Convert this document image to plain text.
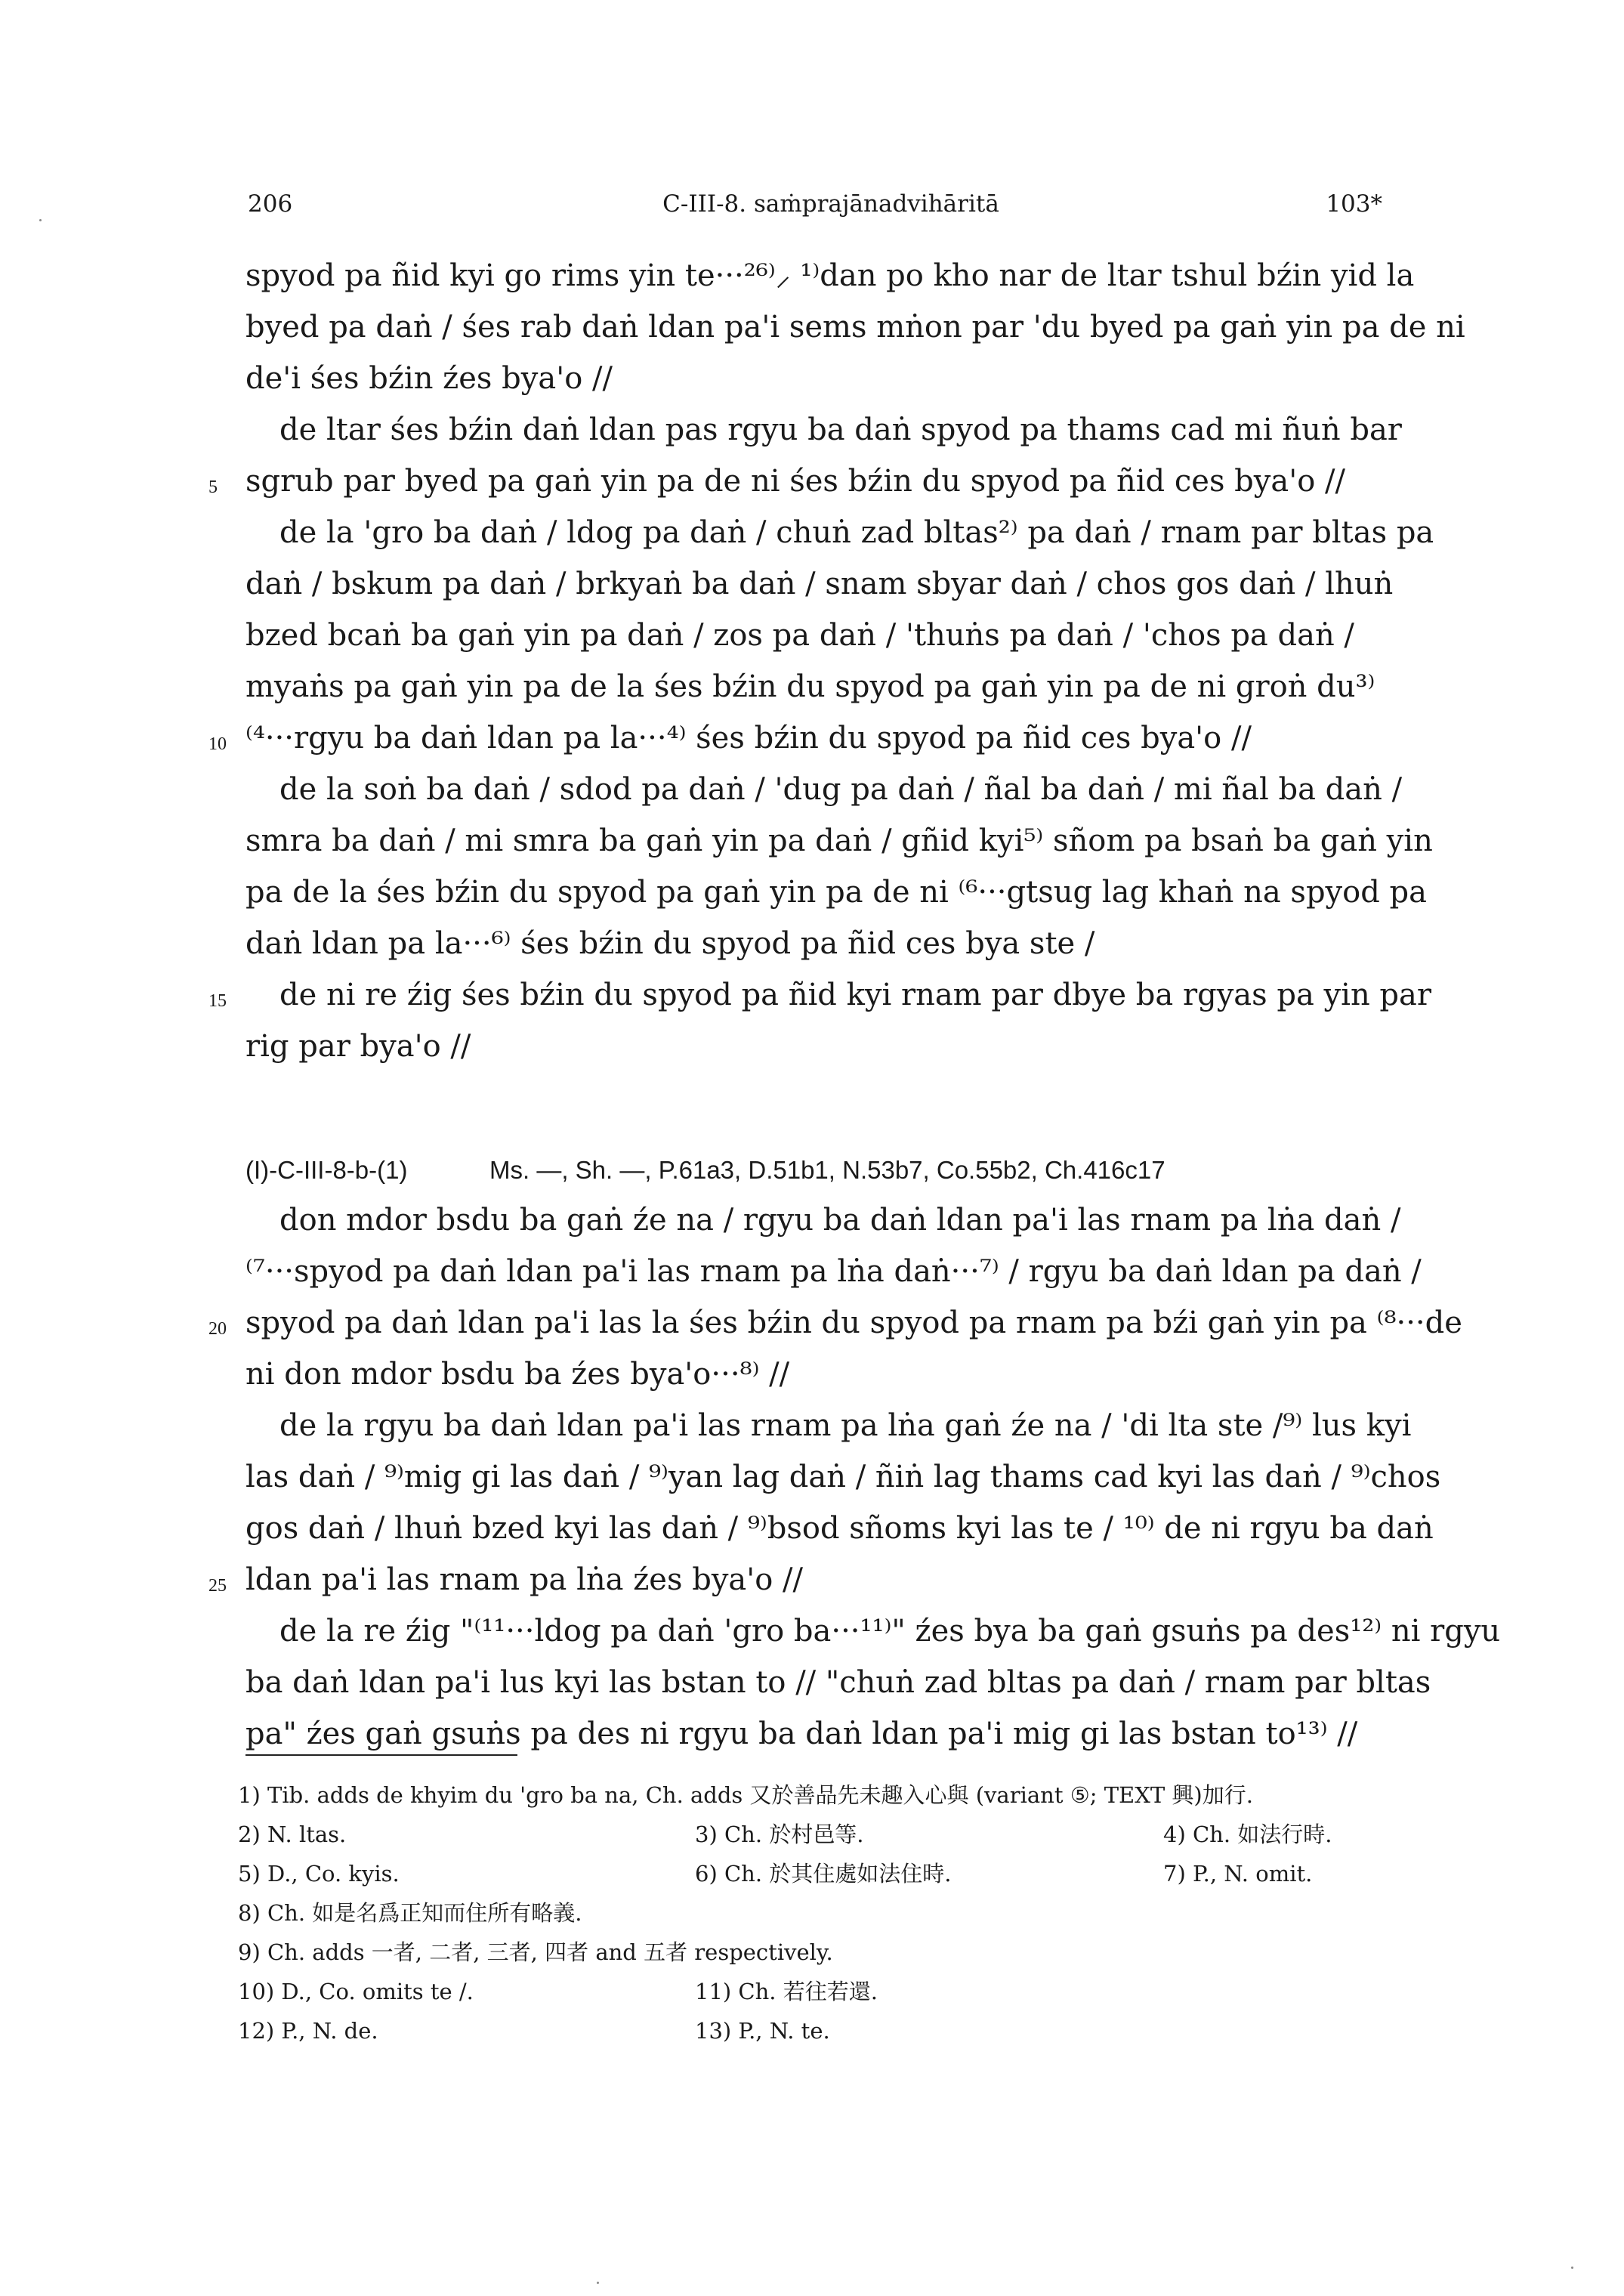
206	C-III-8. saṁprajānadvihāritā	103*
spyod pa ñid kyi go rims yin te···²⁶⁾⸝ ¹⁾dan po kho nar de ltar tshul bźin yid la
byed pa daṅ / śes rab daṅ ldan pa'i sems mṅon par 'du byed pa gaṅ yin pa de ni
de'i śes bźin źes bya'o //
de ltar śes bźin daṅ ldan pas rgyu ba daṅ spyod pa thams cad mi ñuṅ bar
sgrub par byed pa gaṅ yin pa de ni śes bźin du spyod pa ñid ces bya'o //
de la 'gro ba daṅ / ldog pa daṅ / chuṅ zad bltas²⁾ pa daṅ / rnam par bltas pa
daṅ / bskum pa daṅ / brkyaṅ ba daṅ / snam sbyar daṅ / chos gos daṅ / lhuṅ
bzed bcaṅ ba gaṅ yin pa daṅ / zos pa daṅ / 'thuṅs pa daṅ / 'chos pa daṅ /
myaṅs pa gaṅ yin pa de la śes bźin du spyod pa gaṅ yin pa de ni groṅ du³⁾
⁽⁴···rgyu ba daṅ ldan pa la···⁴⁾ śes bźin du spyod pa ñid ces bya'o //
de la soṅ ba daṅ / sdod pa daṅ / 'dug pa daṅ / ñal ba daṅ / mi ñal ba daṅ /
smra ba daṅ / mi smra ba gaṅ yin pa daṅ / gñid kyi⁵⁾ sñom pa bsaṅ ba gaṅ yin
pa de la śes bźin du spyod pa gaṅ yin pa de ni ⁽⁶···gtsug lag khaṅ na spyod pa
daṅ ldan pa la···⁶⁾ śes bźin du spyod pa ñid ces bya ste /
de ni re źig śes bźin du spyod pa ñid kyi rnam par dbye ba rgyas pa yin par
rig par bya'o //
(I)-C-III-8-b-(1)	Ms. —, Sh. —, P.61a3, D.51b1, N.53b7, Co.55b2, Ch.416c17
don mdor bsdu ba gaṅ źe na / rgyu ba daṅ ldan pa'i las rnam pa lṅa daṅ /
⁽⁷···spyod pa daṅ ldan pa'i las rnam pa lṅa daṅ···⁷⁾ / rgyu ba daṅ ldan pa daṅ /
spyod pa daṅ ldan pa'i las la śes bźin du spyod pa rnam pa bźi gaṅ yin pa ⁽⁸···de
ni don mdor bsdu ba źes bya'o···⁸⁾ //
de la rgyu ba daṅ ldan pa'i las rnam pa lṅa gaṅ źe na / 'di lta ste /⁹⁾ lus kyi
las daṅ / ⁹⁾mig gi las daṅ / ⁹⁾yan lag daṅ / ñiṅ lag thams cad kyi las daṅ / ⁹⁾chos
gos daṅ / lhuṅ bzed kyi las daṅ / ⁹⁾bsod sñoms kyi las te / ¹⁰⁾ de ni rgyu ba daṅ
ldan pa'i las rnam pa lṅa źes bya'o //
de la re źig "⁽¹¹···ldog pa daṅ 'gro ba···¹¹⁾" źes bya ba gaṅ gsuṅs pa des¹²⁾ ni rgyu
ba daṅ ldan pa'i lus kyi las bstan to // "chuṅ zad bltas pa daṅ / rnam par bltas
pa" źes gaṅ gsuṅs pa des ni rgyu ba daṅ ldan pa'i mig gi las bstan to¹³⁾ //
5
10
15
20
25
1) Tib. adds de khyim du 'gro ba na, Ch. adds 又於善品先未趣入心與 (variant ⑤; TEXT 興)加行.
2) N. ltas.	3) Ch. 於村邑等.	4) Ch. 如法行時.
5) D., Co. kyis.	6) Ch. 於其住處如法住時.	7) P., N. omit.
8) Ch. 如是名爲正知而住所有略義.
9) Ch. adds 一者, 二者, 三者, 四者 and 五者 respectively.
10) D., Co. omits te /.	11) Ch. 若往若還.
12) P., N. de.	13) P., N. te.
